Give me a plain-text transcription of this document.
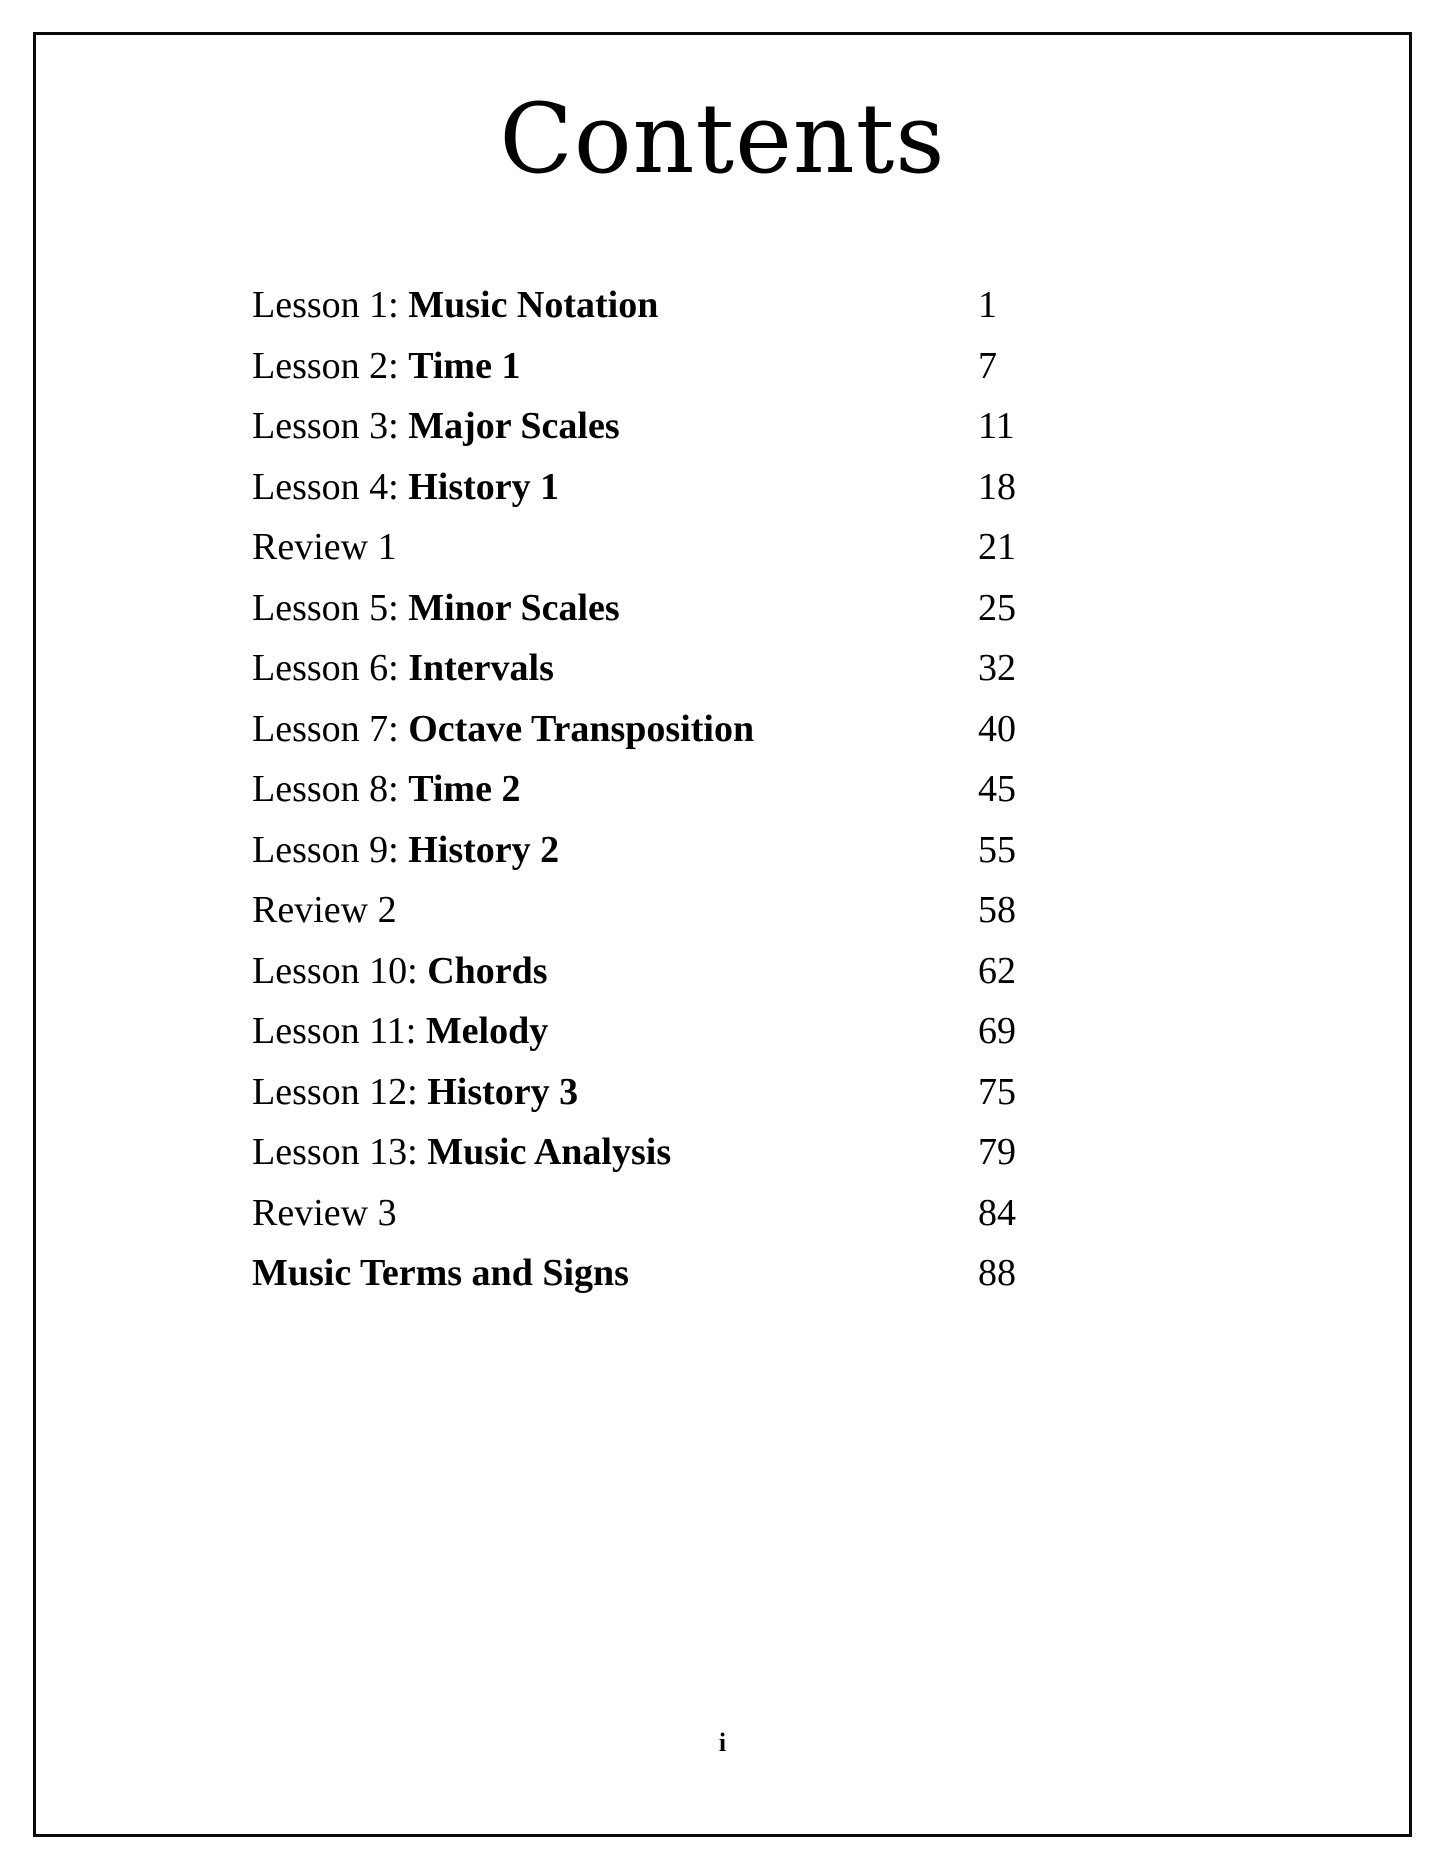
Contents
Lesson 1: Music Notation	1
Lesson 2: Time 1	7
Lesson 3: Major Scales	11
Lesson 4: History 1	18
Review 1	21
Lesson 5: Minor Scales	25
Lesson 6: Intervals	32
Lesson 7: Octave Transposition	40
Lesson 8: Time 2	45
Lesson 9: History 2	55
Review 2	58
Lesson 10: Chords	62
Lesson 11: Melody	69
Lesson 12: History 3	75
Lesson 13: Music Analysis	79
Review 3	84
Music Terms and Signs	88
i
